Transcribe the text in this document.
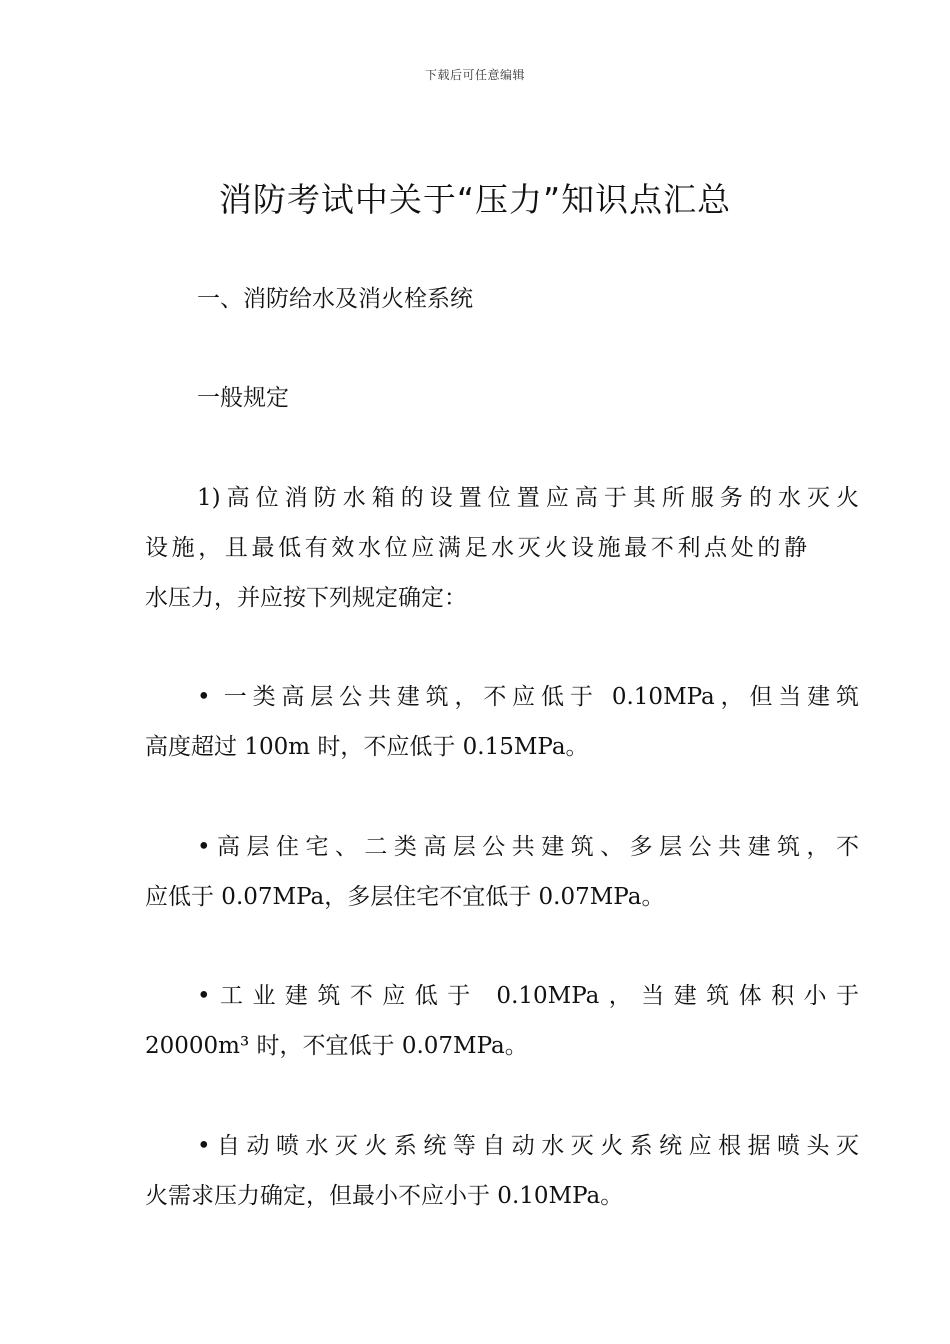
下载后可任意编辑
消防考试中关于“压力”知识点汇总

一、消防给水及消火栓系统

一般规定

1)高位消防水箱的设置位置应高于其所服务的水灭火

设施，且最低有效水位应满足水灭火设施最不利点处的静

水压力，并应按下列规定确定：

• 一类高层公共建筑，不应低于 0.10MPa，但当建筑

高度超过 100m 时，不应低于 0.15MPa。

•高层住宅、二类高层公共建筑、多层公共建筑，不

应低于 0.07MPa，多层住宅不宜低于 0.07MPa。

•工业建筑不应低于 0.10MPa，当建筑体积小于

20000m³ 时，不宜低于 0.07MPa。

•自动喷水灭火系统等自动水灭火系统应根据喷头灭

火需求压力确定，但最小不应小于 0.10MPa。
